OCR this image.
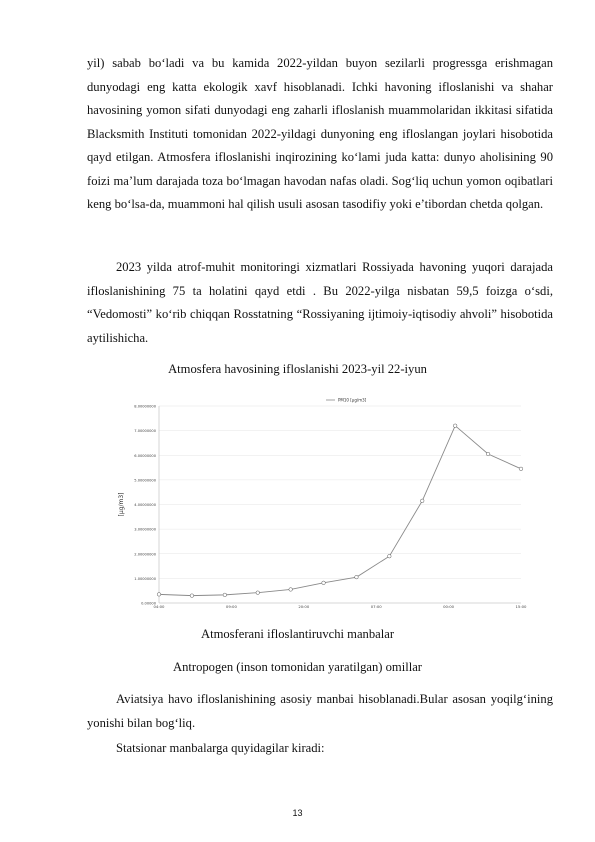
yil) sabab bo‘ladi va bu kamida 2022-yildan buyon sezilarli progressga erishmagan dunyodagi eng katta ekologik xavf hisoblanadi. Ichki havoning ifloslanishi va shahar havosining yomon sifati dunyodagi eng zaharli ifloslanish muammolaridan ikkitasi sifatida Blacksmith Instituti tomonidan 2022-yildagi dunyoning eng ifloslangan joylari hisobotida qayd etilgan. Atmosfera ifloslanishi inqirozining ko‘lami juda katta: dunyo aholisining 90 foizi ma’lum darajada toza bo‘lmagan havodan nafas oladi. Sog‘liq uchun yomon oqibatlari keng bo‘lsa-da, muammoni hal qilish usuli asosan tasodifiy yoki e’tibordan chetda qolgan.

2023 yilda atrof-muhit monitoringi xizmatlari Rossiyada havoning yuqori darajada ifloslanishining 75 ta holatini qayd etdi . Bu 2022-yilga nisbatan 59,5 foizga o‘sdi, “Vedomosti” ko‘rib chiqqan Rosstatning “Rossiyaning ijtimoiy-iqtisodiy ahvoli” hisobotida aytilishicha.

Atmosfera havosining ifloslanishi 2023-yil 22-iyun

0.00000
1.00000000
2.00000000
3.00000000
4.00000000
5.00000000
6.00000000
7.00000000
8.00000000
04:00	09:00	20:00	07:00	00:00	15:00
[µg/m3]
PM10 [µg/m3]

Atmosferani ifloslantiruvchi manbalar

Antropogen (inson tomonidan yaratilgan) omillar

Aviatsiya havo ifloslanishining asosiy manbai hisoblanadi.Bular asosan yoqilg‘ining yonishi bilan bog‘liq.

Statsionar manbalarga quyidagilar kiradi:

13
